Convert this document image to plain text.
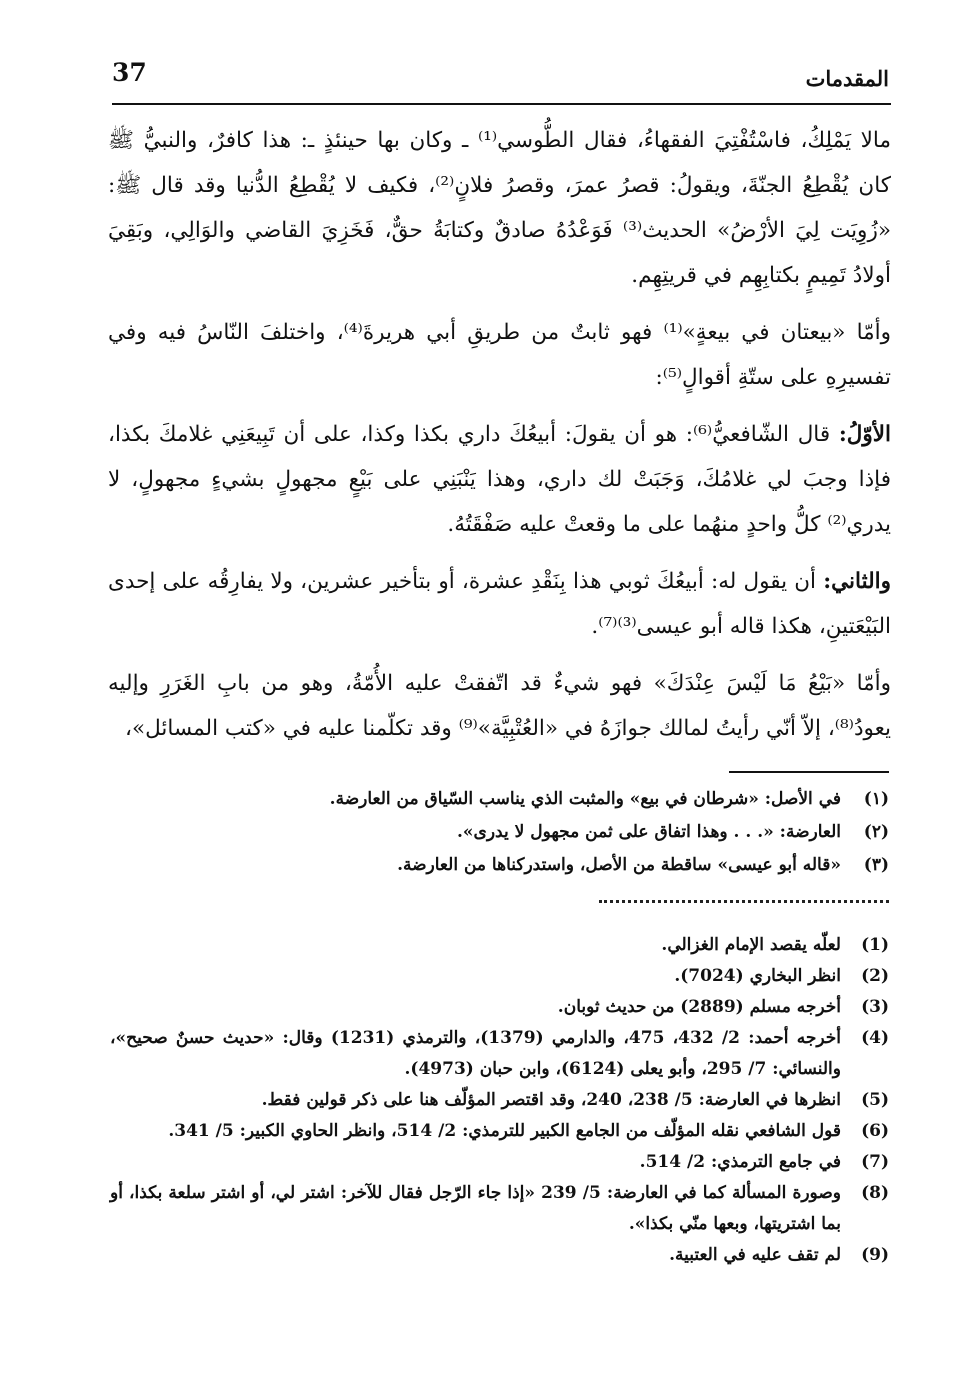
37	المقدمات

مالا يَمْلِكُ، فاسْتُفْتِيَ الفقهاءُ، فقال الطُّوسي⁽¹⁾ ـ وكان بها حينئذٍ ـ: هذا كافرٌ، والنبيُّ ﷺ كان يُقْطِعُ الجنّةَ، ويقولُ: قصرُ عمرَ، وقصرُ فلانٍ⁽²⁾، فكيف لا يُقْطِعُ الدُّنيا وقد قال ﷺ: «زُوِيَت لِيَ الأرْضُ» الحديث⁽³⁾ فَوَعْدُهُ صادقٌ وكتابَةُ حقٌّ، فَخَزِيَ القاضي والوَالِي، وبَقِيَ أولادُ تَمِيمٍ بكتابِهِم في قريتِهِم.

وأمّا «بيعتان في بيعةٍ»⁽¹⁾ فهو ثابتٌ من طريقِ أبي هريرةَ⁽⁴⁾، واختلفَ النّاسُ فيه وفي تفسيرِهِ على ستّةِ أقوالٍ⁽⁵⁾:

الأوّلُ: قال الشّافعيُّ⁽⁶⁾: هو أن يقولَ: أبيعُكَ داري بكذا وكذا، على أن تَبِيعَنِي غلامكَ بكذا، فإذا وجبَ لي غلامُكَ، وَجَبَتْ لك داري، وهذا يَنْبَنِي على بَيْعٍ مجهولٍ بشيءٍ مجهولٍ، لا يدري⁽²⁾ كلُّ واحدٍ منهُما على ما وقعتْ عليه صَفْقَتُهُ.

والثاني: أن يقول له: أبيعُكَ ثوبي هذا بِنَقْدِ عشرة، أو بتأخير عشرين، ولا يفارِقُه على إحدى البَيْعَتينِ، هكذا قاله أبو عيسى⁽³⁾⁽⁷⁾.

وأمّا «بَيْعُ مَا لَيْسَ عِنْدَكَ» فهو شيءٌ قد اتّفقتْ عليه الأُمّةُ، وهو من بابِ الغَرَرِ وإليه يعودُ⁽⁸⁾، إلاّ أنّي رأيتُ لمالك جوازَهُ في «العُتْبِيَّة»⁽⁹⁾ وقد تكلّمنا عليه في «كتب المسائل»،

(١)
في الأصل: «شرطان في بيع» والمثبت الذي يناسب السّياق من العارضة.
(٢)
العارضة: «. . . وهذا اتفاق على ثمن مجهول لا يدرى».
(٣)
«قاله أبو عيسى» ساقطة من الأصل، واستدركناها من العارضة.
(1)
لعلّه يقصد الإمام الغزالي.
(2)
انظر البخاري (7024).
(3)
أخرجه مسلم (2889) من حديث ثوبان.
(4)
أخرجه أحمد: 2/ 432، 475، والدارمي (1379)، والترمذي (1231) وقال: «حديث حسنٌ صحيح»، والنسائي: 7/ 295، وأبو يعلى (6124)، وابن حبان (4973).
(5)
انظرها في العارضة: 5/ 238، 240، وقد اقتصر المؤلّف هنا على ذكر قولين فقط.
(6)
قول الشافعي نقله المؤلّف من الجامع الكبير للترمذي: 2/ 514، وانظر الحاوي الكبير: 5/ 341.
(7)
في جامع الترمذي: 2/ 514.
(8)
وصورة المسألة كما في العارضة: 5/ 239 «إذا جاء الرّجل فقال للآخر: اشتر لي، أو اشتر سلعة بكذا، أو بما اشتريتها، وبعها منّي بكذا».
(9)
لم تقف عليه في العتبية.
